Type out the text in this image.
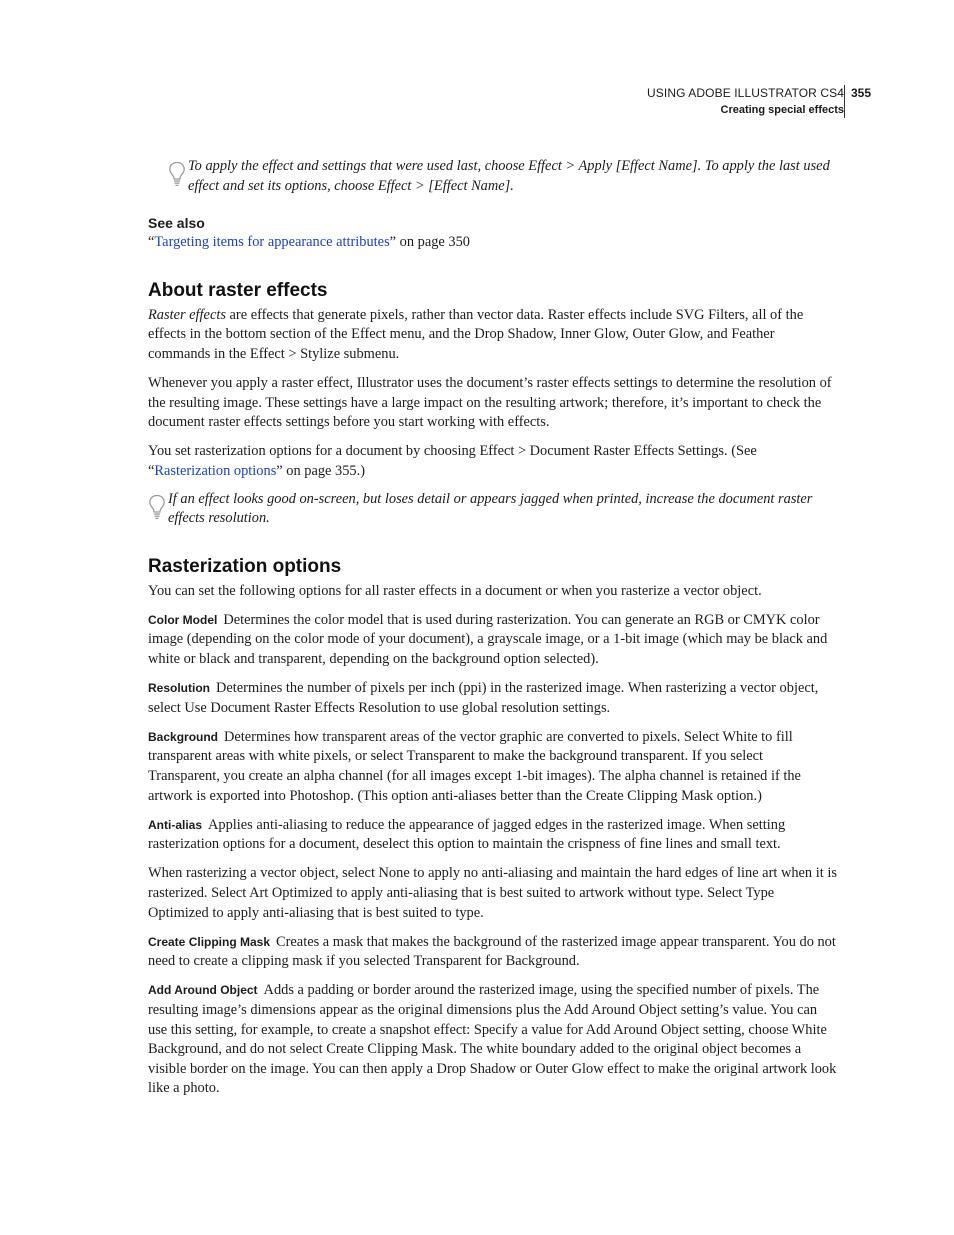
USING ADOBE ILLUSTRATOR CS4
Creating special effects
355

To apply the effect and settings that were used last, choose Effect > Apply [Effect Name]. To apply the last used effect and set its options, choose Effect > [Effect Name].

See also

“Targeting items for appearance attributes” on page 350

About raster effects

Raster effects are effects that generate pixels, rather than vector data. Raster effects include SVG Filters, all of the effects in the bottom section of the Effect menu, and the Drop Shadow, Inner Glow, Outer Glow, and Feather commands in the Effect > Stylize submenu.

Whenever you apply a raster effect, Illustrator uses the document’s raster effects settings to determine the resolution of the resulting image. These settings have a large impact on the resulting artwork; therefore, it’s important to check the document raster effects settings before you start working with effects.

You set rasterization options for a document by choosing Effect > Document Raster Effects Settings. (See “Rasterization options” on page 355.)

If an effect looks good on-screen, but loses detail or appears jagged when printed, increase the document raster effects resolution.

Rasterization options

You can set the following options for all raster effects in a document or when you rasterize a vector object.

Color Model Determines the color model that is used during rasterization. You can generate an RGB or CMYK color image (depending on the color mode of your document), a grayscale image, or a 1-bit image (which may be black and white or black and transparent, depending on the background option selected).

Resolution Determines the number of pixels per inch (ppi) in the rasterized image. When rasterizing a vector object, select Use Document Raster Effects Resolution to use global resolution settings.

Background Determines how transparent areas of the vector graphic are converted to pixels. Select White to fill transparent areas with white pixels, or select Transparent to make the background transparent. If you select Transparent, you create an alpha channel (for all images except 1-bit images). The alpha channel is retained if the artwork is exported into Photoshop. (This option anti-aliases better than the Create Clipping Mask option.)

Anti-alias Applies anti-aliasing to reduce the appearance of jagged edges in the rasterized image. When setting rasterization options for a document, deselect this option to maintain the crispness of fine lines and small text.

When rasterizing a vector object, select None to apply no anti-aliasing and maintain the hard edges of line art when it is rasterized. Select Art Optimized to apply anti-aliasing that is best suited to artwork without type. Select Type Optimized to apply anti-aliasing that is best suited to type.

Create Clipping Mask Creates a mask that makes the background of the rasterized image appear transparent. You do not need to create a clipping mask if you selected Transparent for Background.

Add Around Object Adds a padding or border around the rasterized image, using the specified number of pixels. The resulting image’s dimensions appear as the original dimensions plus the Add Around Object setting’s value. You can use this setting, for example, to create a snapshot effect: Specify a value for Add Around Object setting, choose White Background, and do not select Create Clipping Mask. The white boundary added to the original object becomes a visible border on the image. You can then apply a Drop Shadow or Outer Glow effect to make the original artwork look like a photo.
